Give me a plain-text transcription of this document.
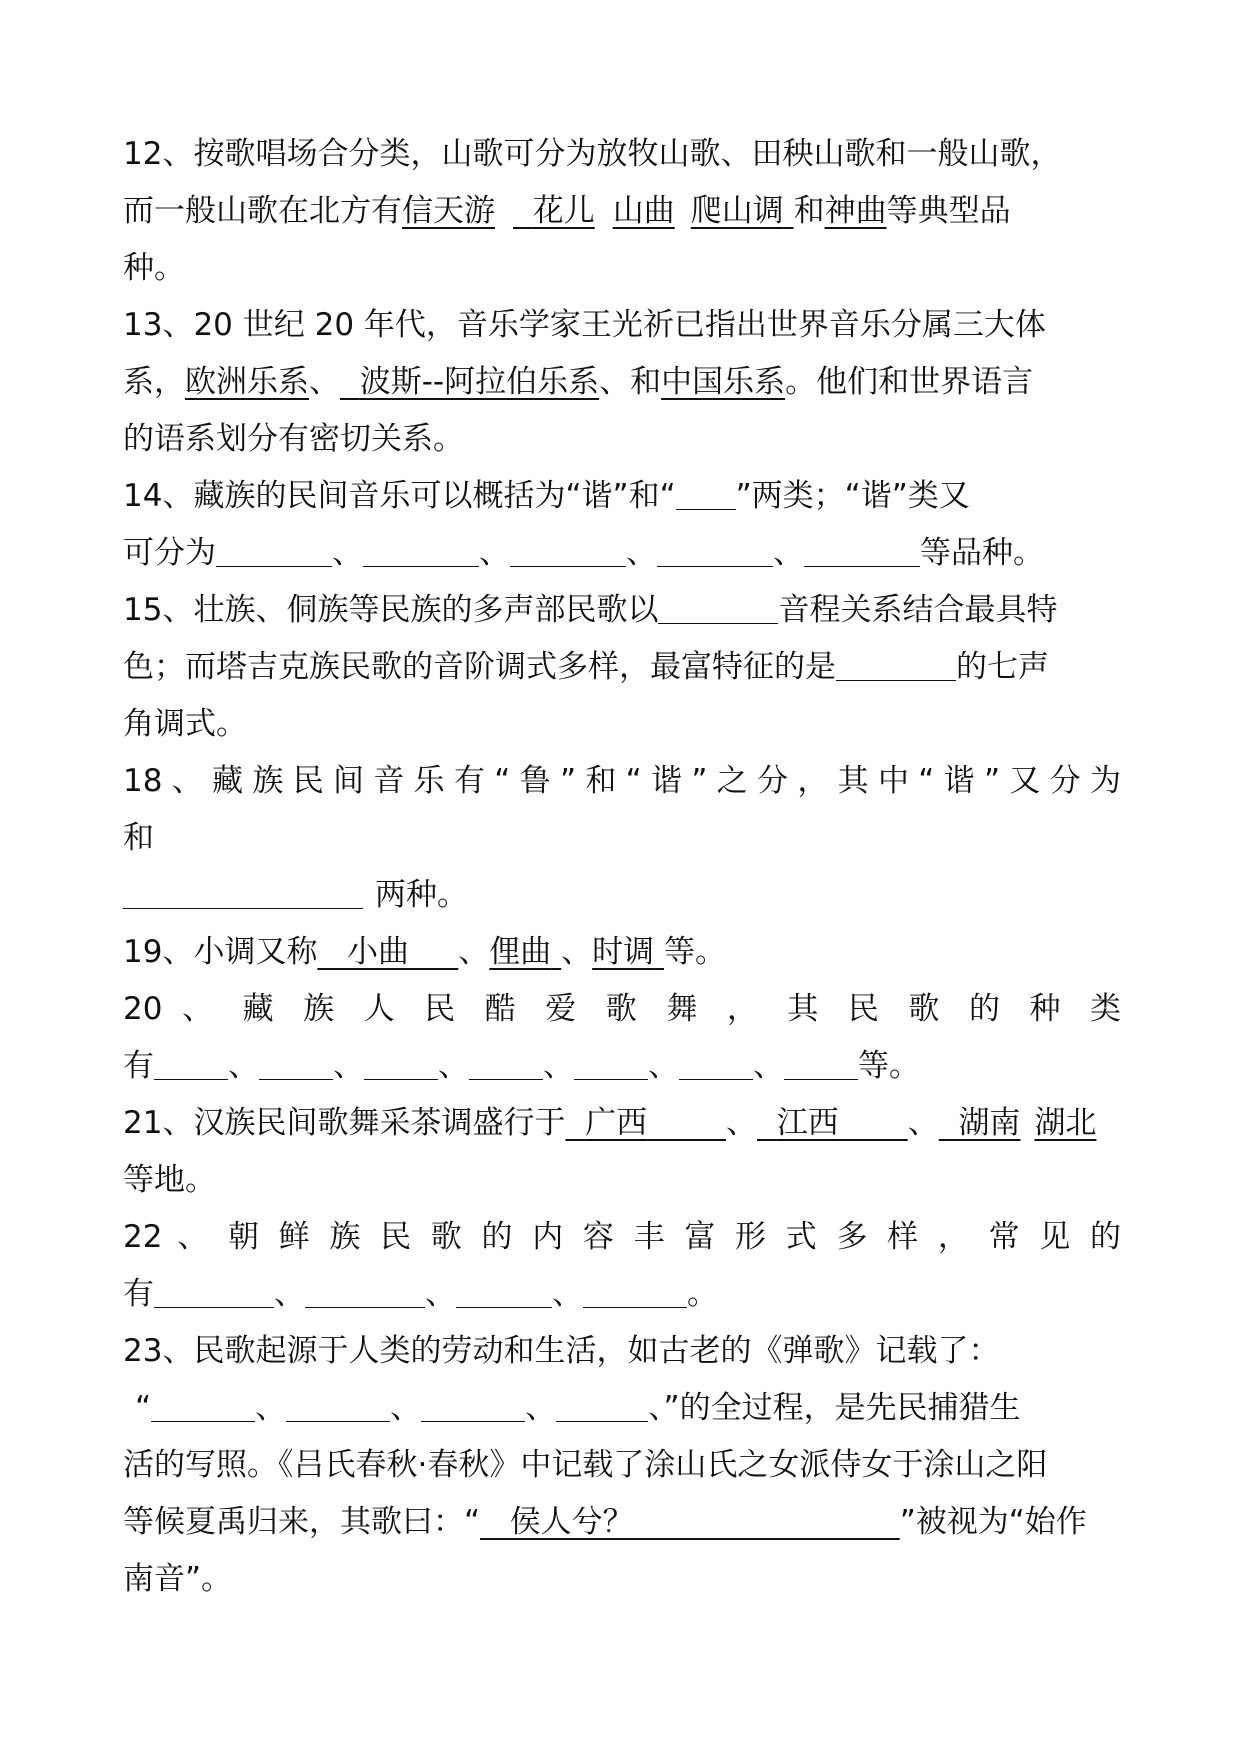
12、按歌唱场合分类，山歌可分为放牧山歌、田秧山歌和一般山歌，
而一般山歌在北方有信天游 花儿 山曲 爬山调 和神曲等典型品
种。
13、20 世纪 20 年代，音乐学家王光祈已指出世界音乐分属三大体
系，欧洲乐系、 波斯--阿拉伯乐系、和中国乐系。他们和世界语言
的语系划分有密切关系。
14、藏族的民间音乐可以概括为“谐”和“ ”两类；“谐”类又
可分为	、	、	、	、	等品种。
15、壮族、侗族等民族的多声部民歌以	音程关系结合最具特
色；而塔吉克族民歌的音阶调式多样，最富特征的是	的七声
角调式。
18、藏族民间音乐有“鲁”和“谐”之分，其中“谐”又分为
和
两种。
19、小调又称 小曲 、俚曲 、时调 等。
20 、 藏 族 人 民 酷 爱 歌 舞 ， 其 民 歌 的 种 类
有 、 、 、 、 、 、 等。
21、汉族民间歌舞采茶调盛行于 广西	、 江西 、 湖南 湖北
等地。
22 、 朝 鲜 族 民 歌 的 内 容 丰 富 形 式 多 样 ， 常 见 的
有	、	、	、	。
23、民歌起源于人类的劳动和生活，如古老的《弹歌》记载了：
“	、	、	、	、”的全过程，是先民捕猎生
活的写照。《吕氏春秋·春秋》中记载了涂山氏之女派侍女于涂山之阳
等候夏禹归来，其歌曰：“ 侯人兮？	”被视为“始作
南音”。
